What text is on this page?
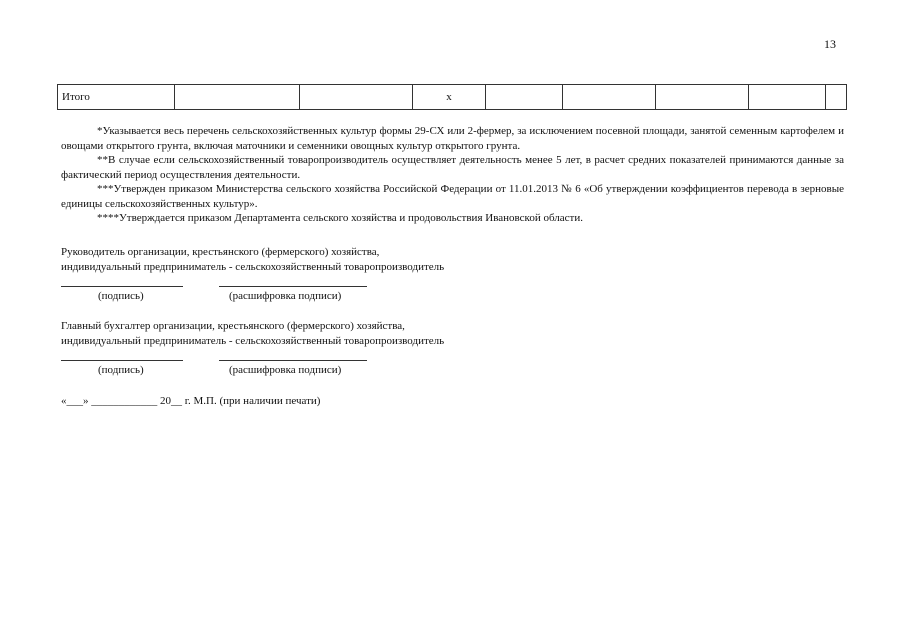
13
Итого			x					

*Указывается весь перечень сельскохозяйственных культур формы 29-СХ или 2-фермер, за исключением посевной площади, занятой семенным картофелем и овощами открытого грунта, включая маточники и семенники овощных культур открытого грунта.

**В случае если сельскохозяйственный товаропроизводитель осуществляет деятельность менее 5 лет, в расчет средних показателей принимаются данные за фактический период осуществления деятельности.

***Утвержден приказом Министерства сельского хозяйства Российской Федерации от 11.01.2013 № 6 «Об утверждении коэффициентов перевода в зерновые единицы сельскохозяйственных культур».

****Утверждается приказом Департамента сельского хозяйства и продовольствия Ивановской области.

Руководитель организации, крестьянского (фермерского) хозяйства,

индивидуальный предприниматель - сельскохозяйственный товаропроизводитель

(подпись)	(расшифровка подписи)

Главный бухгалтер организации, крестьянского (фермерского) хозяйства,

индивидуальный предприниматель - сельскохозяйственный товаропроизводитель

(подпись)	(расшифровка подписи)
«___» ____________ 20__ г. М.П. (при наличии печати)
